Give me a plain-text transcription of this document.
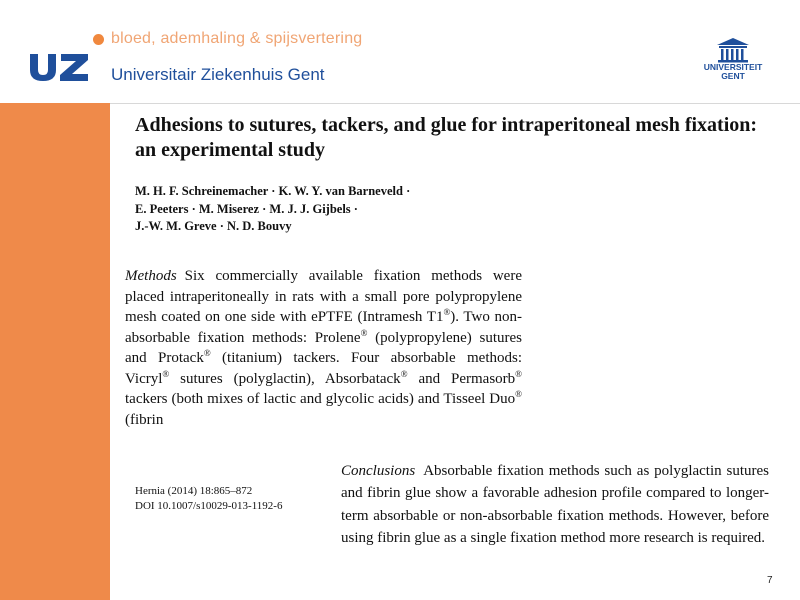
bloed, ademhaling & spijsvertering
Universitair Ziekenhuis Gent	UNIVERSITEIT
GENT
Adhesions to sutures, tackers, and glue for intraperitoneal mesh fixation: an experimental study
M. H. F. Schreinemacher · K. W. Y. van Barneveld ·
E. Peeters · M. Miserez · M. J. J. Gijbels ·
J.-W. M. Greve · N. D. Bouvy
Methods Six commercially available fixation methods were placed intraperitoneally in rats with a small pore polypropylene mesh coated on one side with ePTFE (Intramesh T1®). Two non-absorbable fixation methods: Prolene® (polypropylene) sutures and Protack® (titanium) tackers. Four absorbable methods: Vicryl® sutures (polyglactin), Absorbatack® and Permasorb® tackers (both mixes of lactic and glycolic acids) and Tisseel Duo® (fibrin
Hernia (2014) 18:865–872
DOI 10.1007/s10029-013-1192-6
Conclusions Absorbable fixation methods such as polyglactin sutures and fibrin glue show a favorable adhesion profile compared to longer-term absorbable or non-absorbable fixation methods. However, before using fibrin glue as a single fixation method more research is required.
7
